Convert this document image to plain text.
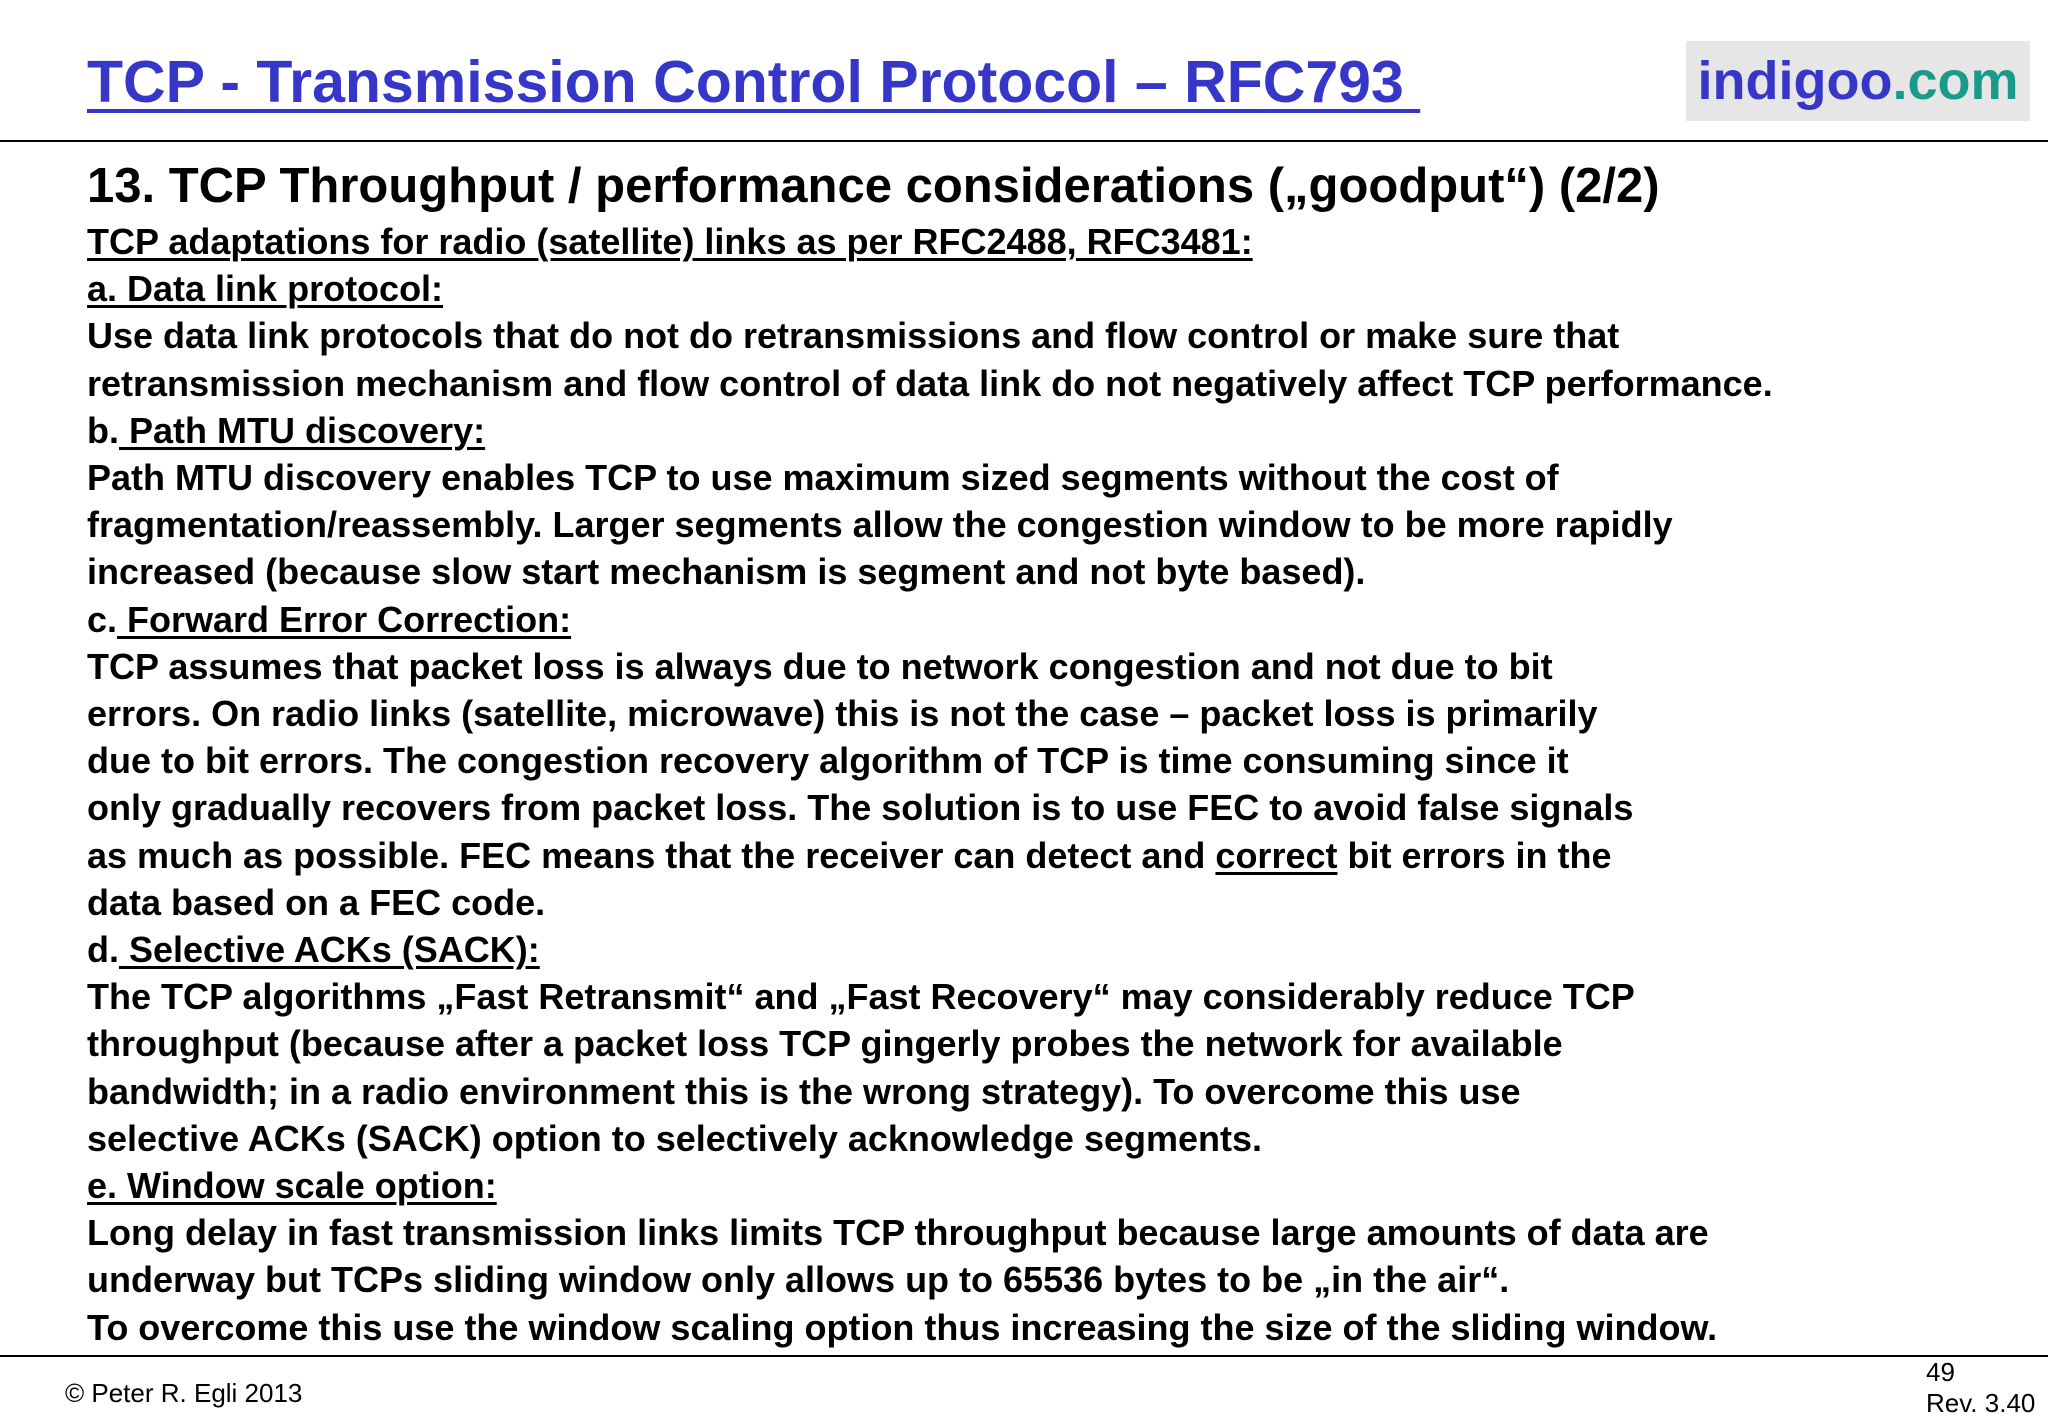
TCP - Transmission Control Protocol – RFC793	indigoo . com
13. TCP Throughput / performance considerations („goodput“) (2/2)

TCP adaptations for radio (satellite) links as per RFC2488, RFC3481:

a. Data link protocol:

Use data link protocols that do not do retransmissions and flow control or make sure that

retransmission mechanism and flow control of data link do not negatively affect TCP performance.

b. Path MTU discovery:

Path MTU discovery enables TCP to use maximum sized segments without the cost of

fragmentation/reassembly. Larger segments allow the congestion window to be more rapidly

increased (because slow start mechanism is segment and not byte based).

c. Forward Error Correction:

TCP assumes that packet loss is always due to network congestion and not due to bit

errors. On radio links (satellite, microwave) this is not the case – packet loss is primarily

due to bit errors. The congestion recovery algorithm of TCP is time consuming since it

only gradually recovers from packet loss. The solution is to use FEC to avoid false signals

as much as possible. FEC means that the receiver can detect and correct bit errors in the

data based on a FEC code.

d. Selective ACKs (SACK):

The TCP algorithms „Fast Retransmit“ and „Fast Recovery“ may considerably reduce TCP

throughput (because after a packet loss TCP gingerly probes the network for available

bandwidth; in a radio environment this is the wrong strategy). To overcome this use

selective ACKs (SACK) option to selectively acknowledge segments.

e. Window scale option:

Long delay in fast transmission links limits TCP throughput because large amounts of data are

underway but TCPs sliding window only allows up to 65536 bytes to be „in the air“.

To overcome this use the window scaling option thus increasing the size of the sliding window.

© Peter R. Egli 2013
49
Rev. 3.40
